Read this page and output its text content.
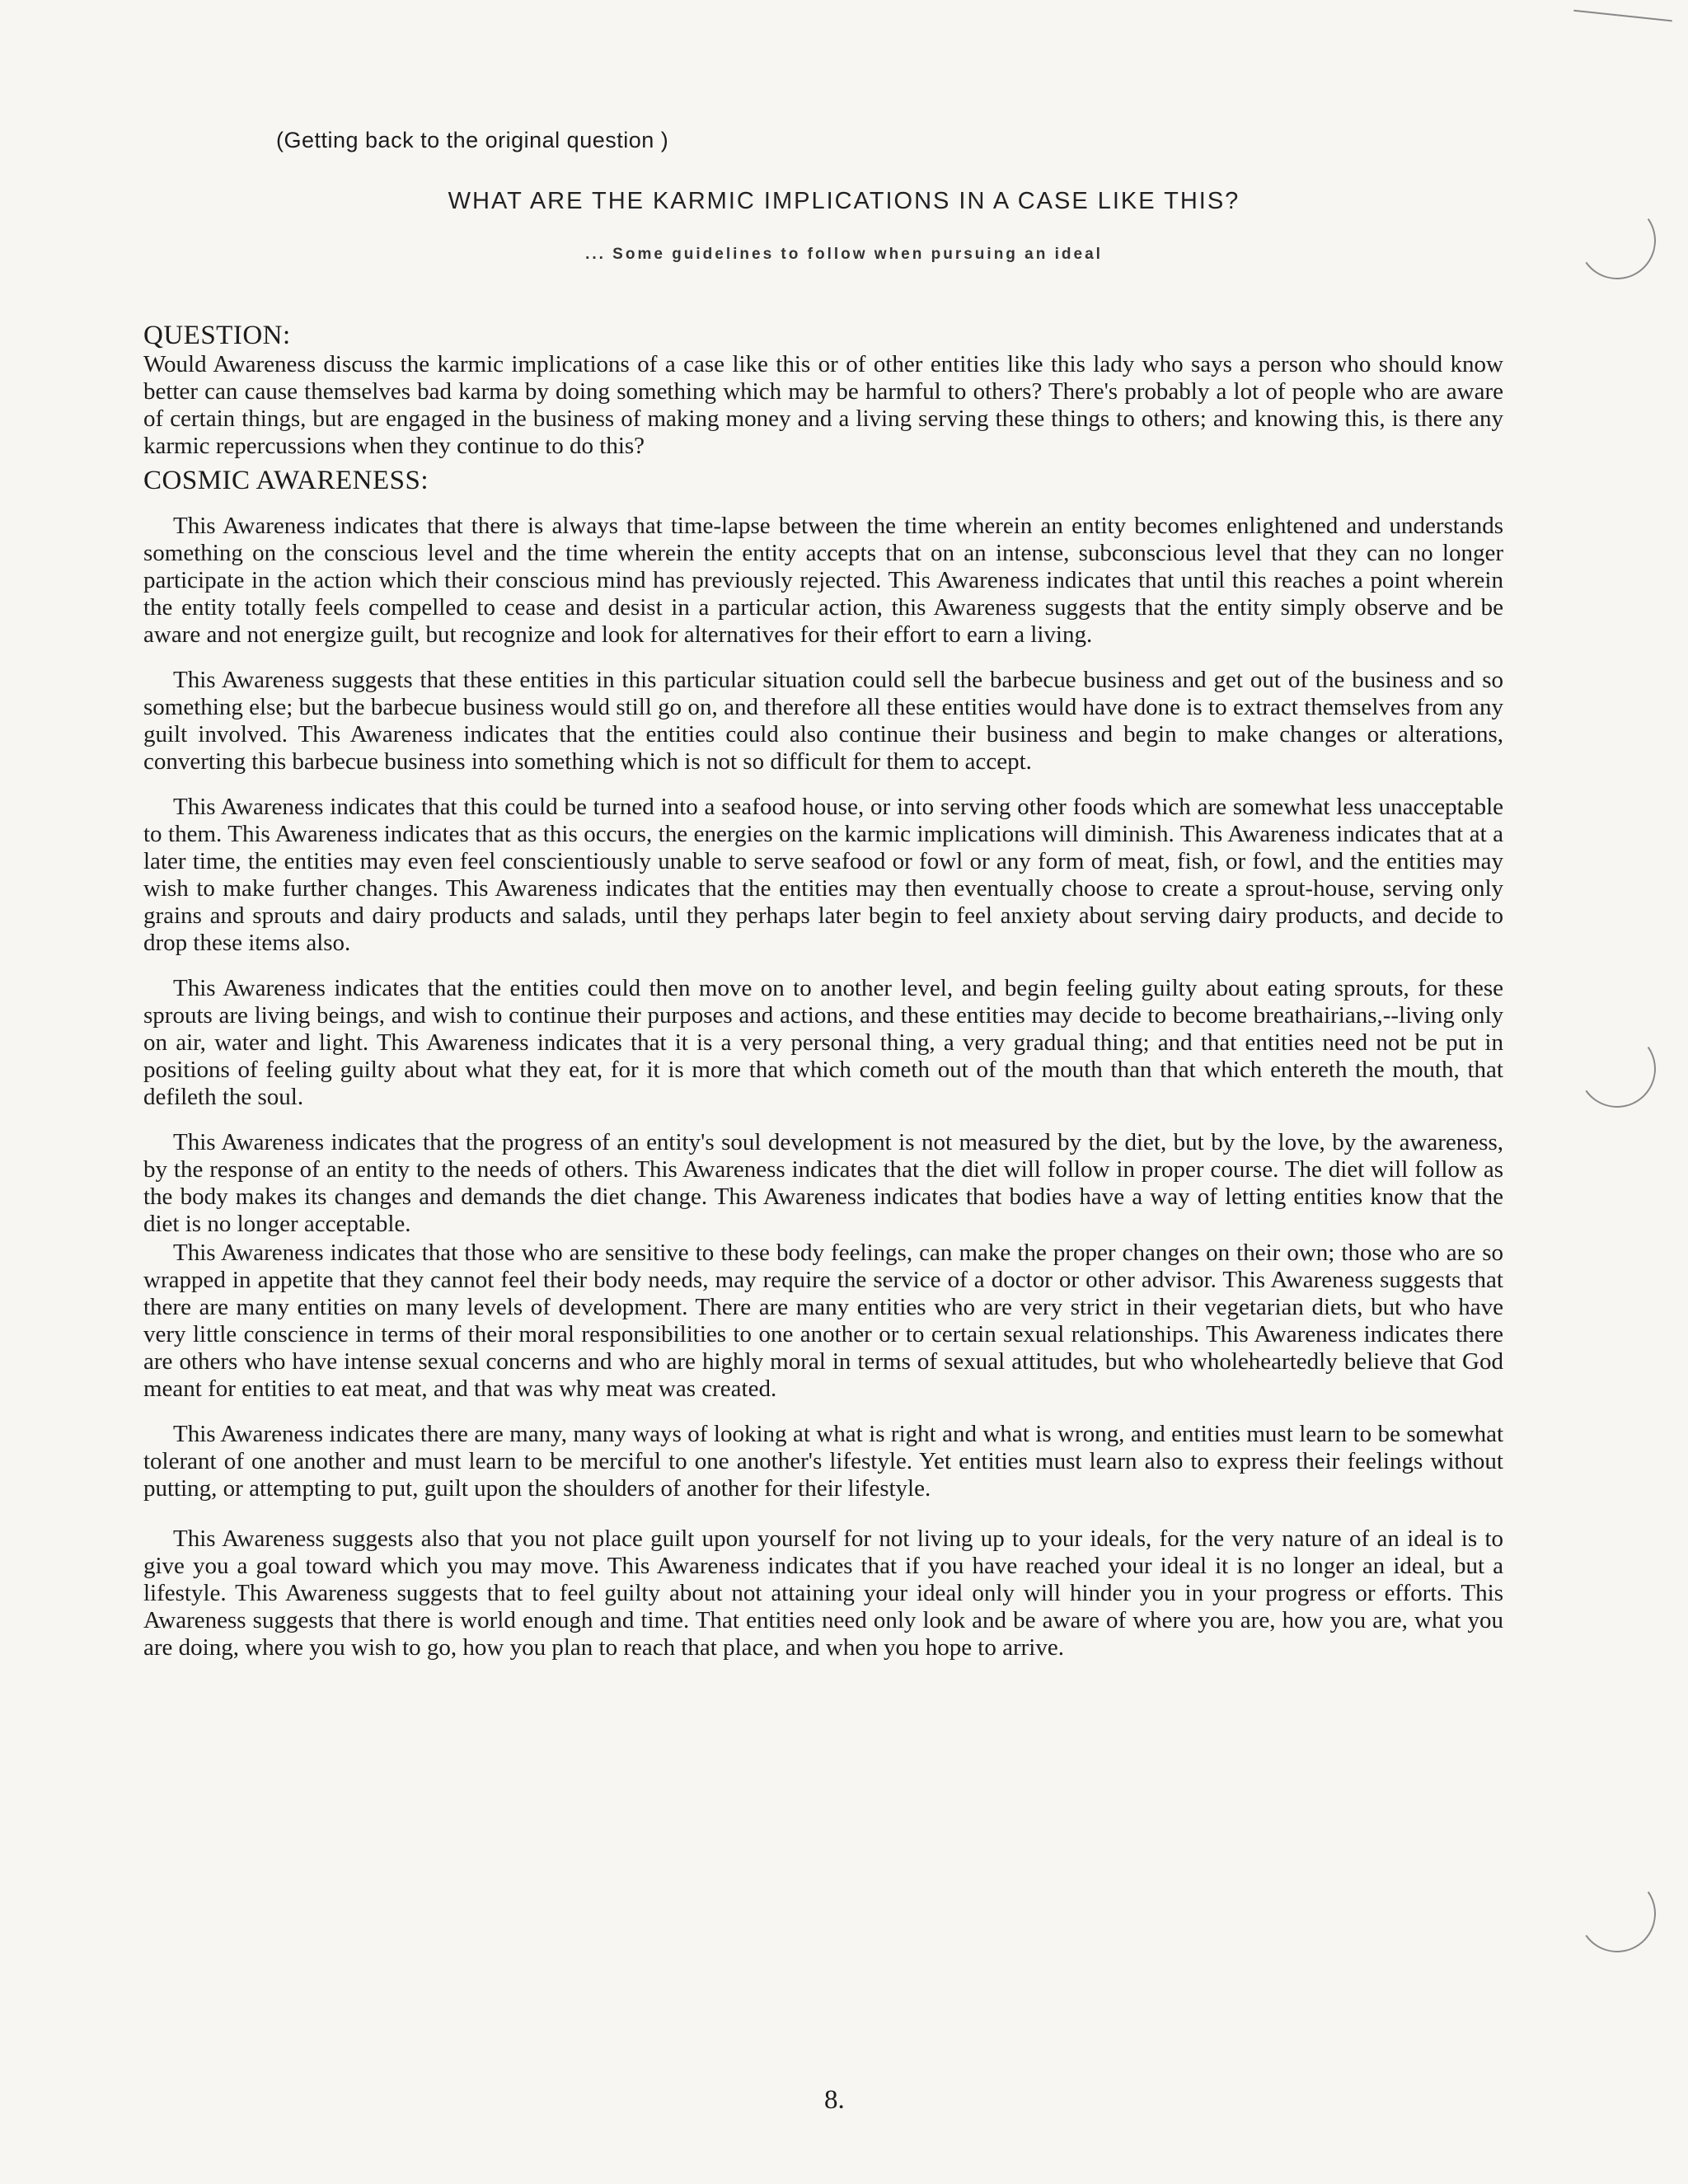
(Getting back to the original question )
WHAT ARE THE KARMIC IMPLICATIONS IN A CASE LIKE THIS?
... Some guidelines to follow when pursuing an ideal

QUESTION:

Would Awareness discuss the karmic implications of a case like this or of other entities like this lady who says a person who should know better can cause themselves bad karma by doing something which may be harmful to others? There's probably a lot of people who are aware of certain things, but are engaged in the business of making money and a living serving these things to others; and knowing this, is there any karmic repercussions when they continue to do this?

COSMIC AWARENESS:

This Awareness indicates that there is always that time-lapse between the time wherein an entity becomes enlightened and understands something on the conscious level and the time wherein the entity accepts that on an intense, subconscious level that they can no longer participate in the action which their conscious mind has previously rejected. This Awareness indicates that until this reaches a point wherein the entity totally feels compelled to cease and desist in a particular action, this Awareness suggests that the entity simply observe and be aware and not energize guilt, but recognize and look for alternatives for their effort to earn a living.

This Awareness suggests that these entities in this particular situation could sell the barbecue business and get out of the business and so something else; but the barbecue business would still go on, and therefore all these entities would have done is to extract themselves from any guilt involved. This Awareness indicates that the entities could also continue their business and begin to make changes or alterations, converting this barbecue business into something which is not so difficult for them to accept.

This Awareness indicates that this could be turned into a seafood house, or into serving other foods which are somewhat less unacceptable to them. This Awareness indicates that as this occurs, the energies on the karmic implications will diminish. This Awareness indicates that at a later time, the entities may even feel conscientiously unable to serve seafood or fowl or any form of meat, fish, or fowl, and the entities may wish to make further changes. This Awareness indicates that the entities may then eventually choose to create a sprout-house, serving only grains and sprouts and dairy products and salads, until they perhaps later begin to feel anxiety about serving dairy products, and decide to drop these items also.

This Awareness indicates that the entities could then move on to another level, and begin feeling guilty about eating sprouts, for these sprouts are living beings, and wish to continue their purposes and actions, and these entities may decide to become breathairians,--living only on air, water and light. This Awareness indicates that it is a very personal thing, a very gradual thing; and that entities need not be put in positions of feeling guilty about what they eat, for it is more that which cometh out of the mouth than that which entereth the mouth, that defileth the soul.

This Awareness indicates that the progress of an entity's soul development is not measured by the diet, but by the love, by the awareness, by the response of an entity to the needs of others. This Awareness indicates that the diet will follow in proper course. The diet will follow as the body makes its changes and demands the diet change. This Awareness indicates that bodies have a way of letting entities know that the diet is no longer acceptable.

This Awareness indicates that those who are sensitive to these body feelings, can make the proper changes on their own; those who are so wrapped in appetite that they cannot feel their body needs, may require the service of a doctor or other advisor. This Awareness suggests that there are many entities on many levels of development. There are many entities who are very strict in their vegetarian diets, but who have very little conscience in terms of their moral responsibilities to one another or to certain sexual relationships. This Awareness indicates there are others who have intense sexual concerns and who are highly moral in terms of sexual attitudes, but who wholeheartedly believe that God meant for entities to eat meat, and that was why meat was created.

This Awareness indicates there are many, many ways of looking at what is right and what is wrong, and entities must learn to be somewhat tolerant of one another and must learn to be merciful to one another's lifestyle. Yet entities must learn also to express their feelings without putting, or attempting to put, guilt upon the shoulders of another for their lifestyle.

This Awareness suggests also that you not place guilt upon yourself for not living up to your ideals, for the very nature of an ideal is to give you a goal toward which you may move. This Awareness indicates that if you have reached your ideal it is no longer an ideal, but a lifestyle. This Awareness suggests that to feel guilty about not attaining your ideal only will hinder you in your progress or efforts. This Awareness suggests that there is world enough and time. That entities need only look and be aware of where you are, how you are, what you are doing, where you wish to go, how you plan to reach that place, and when you hope to arrive.

8.
